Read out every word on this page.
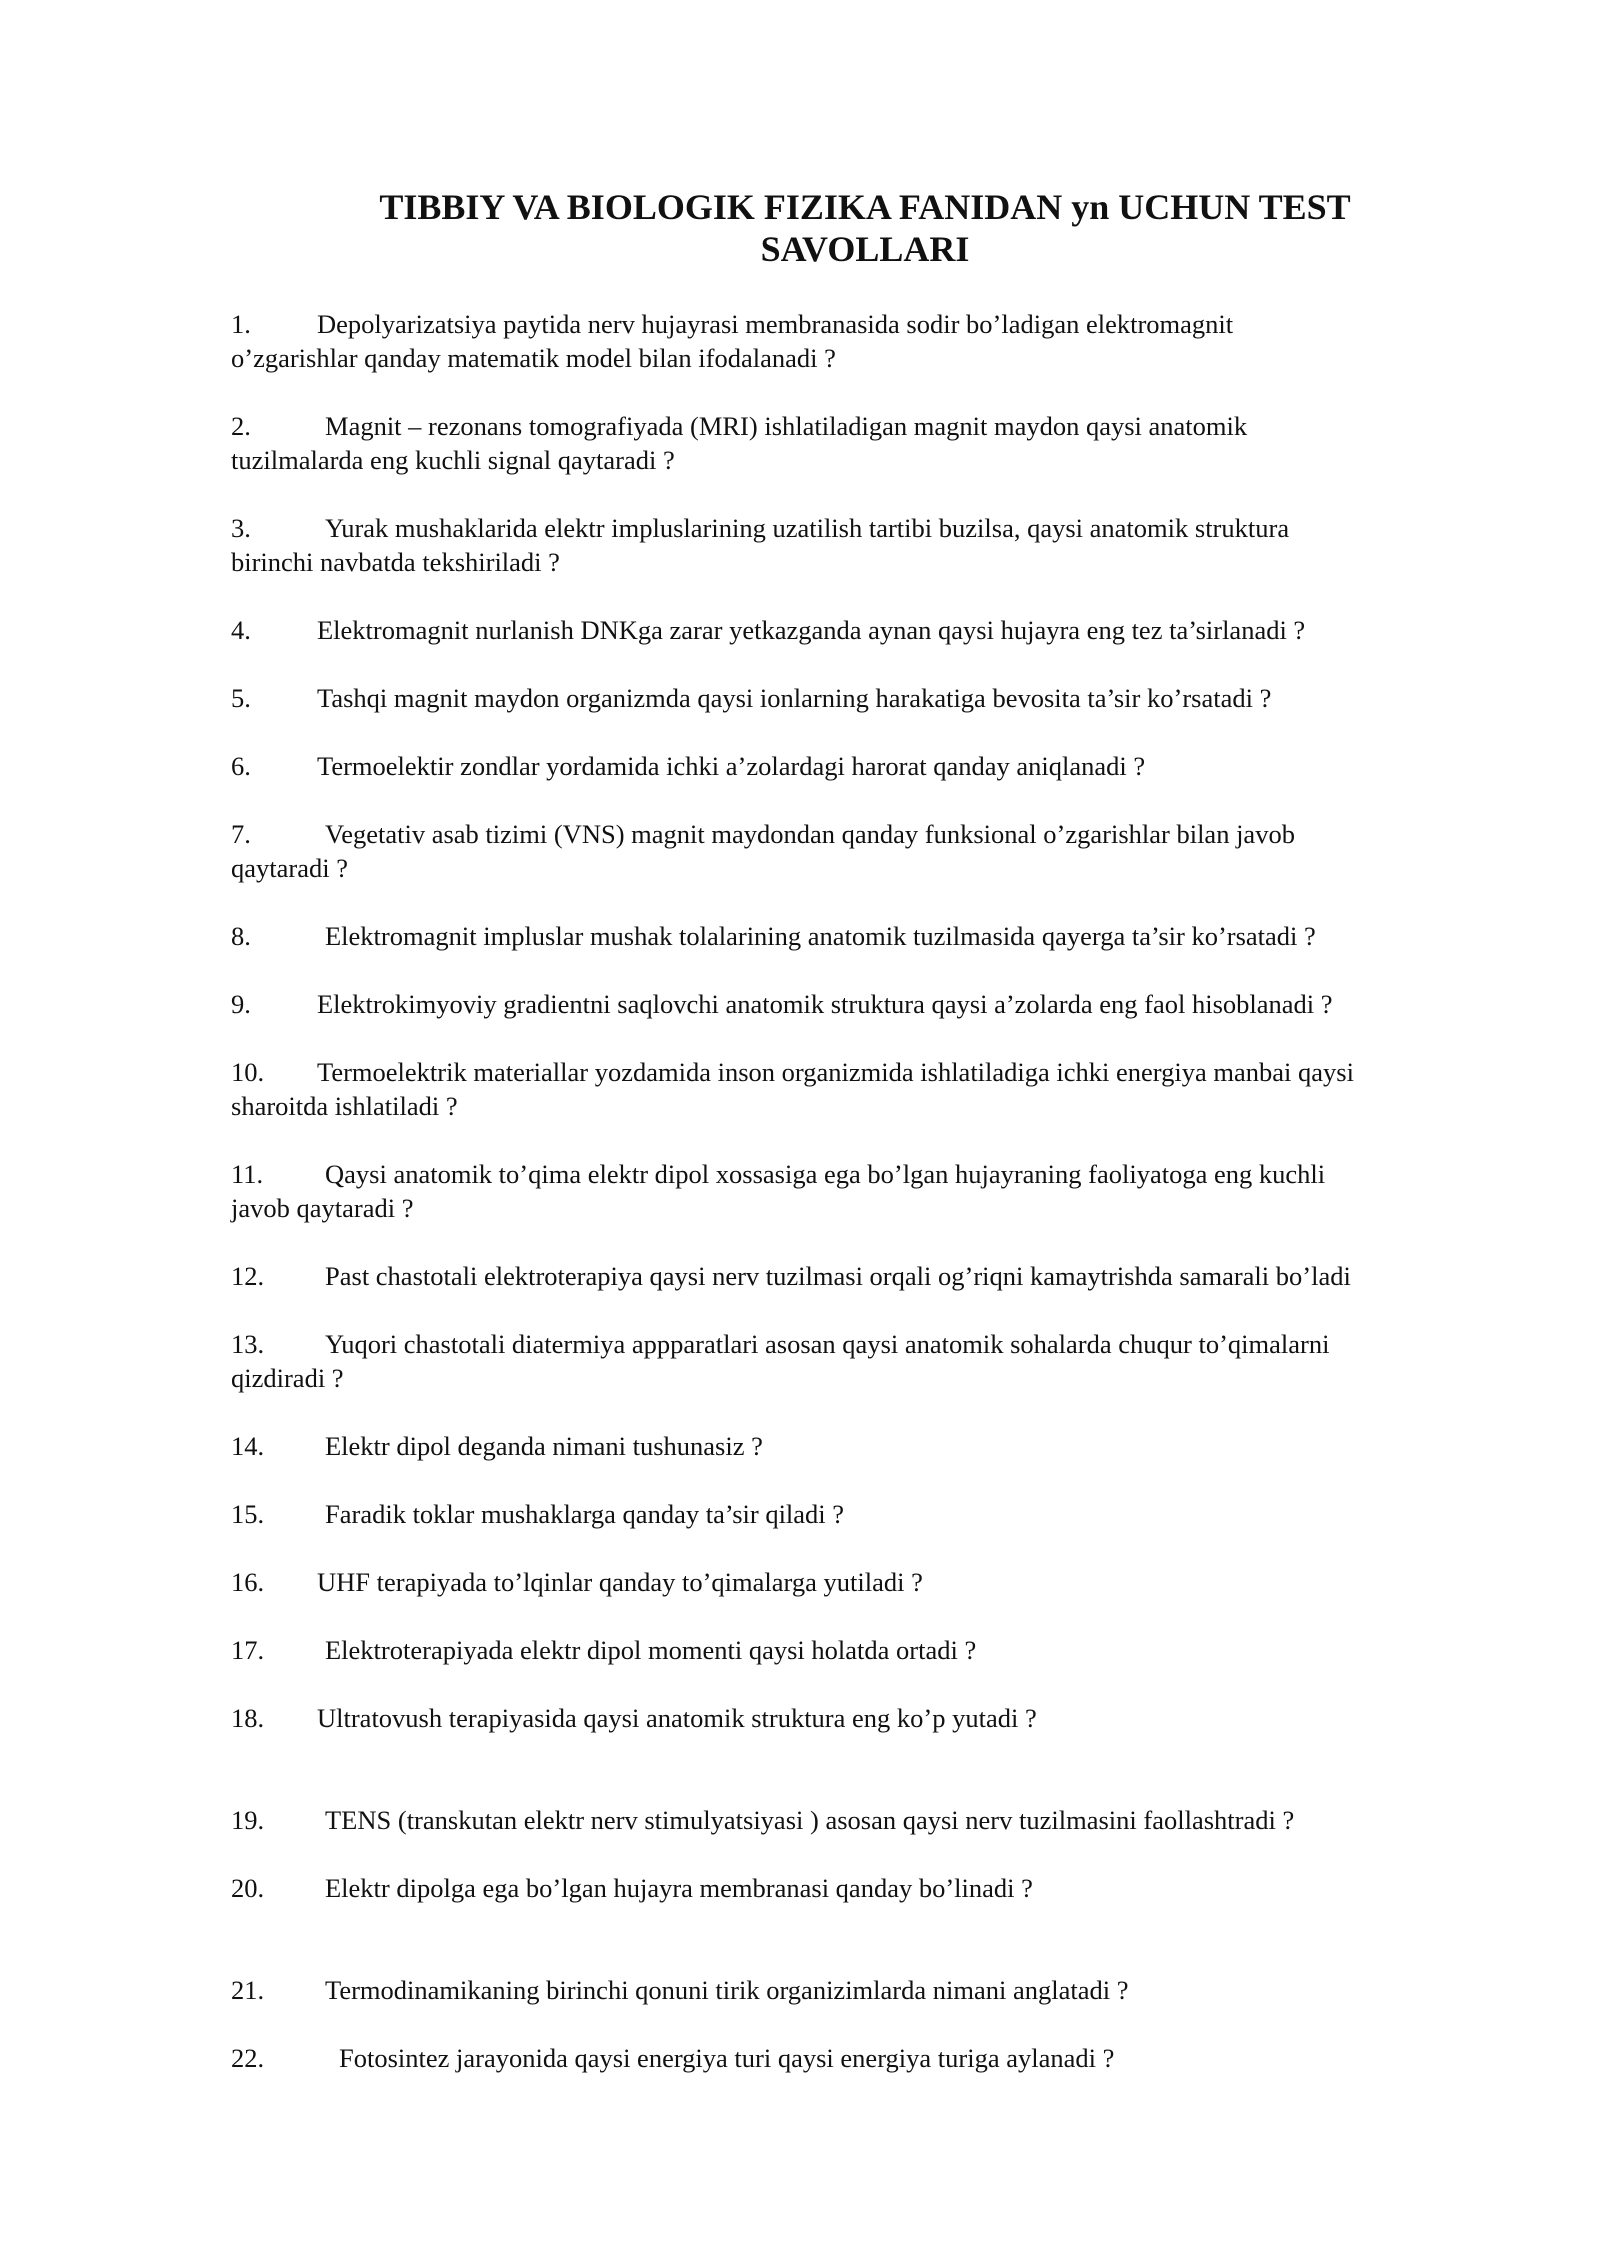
TIBBIY VA BIOLOGIK FIZIKA FANIDAN yn UCHUN TEST
SAVOLLARI

1. Depolyarizatsiya paytida nerv hujayrasi membranasida sodir bo’ladigan elektromagnit
o’zgarishlar qanday matematik model bilan ifodalanadi ?

2.	Magnit – rezonans tomografiyada (MRI) ishlatiladigan magnit maydon qaysi anatomik
tuzilmalarda eng kuchli signal qaytaradi ?

3.	Yurak mushaklarida elektr impluslarining uzatilish tartibi buzilsa, qaysi anatomik struktura
birinchi navbatda tekshiriladi ?

4. Elektromagnit nurlanish DNKga zarar yetkazganda aynan qaysi hujayra eng tez ta’sirlanadi ?

5. Tashqi magnit maydon organizmda qaysi ionlarning harakatiga bevosita ta’sir ko’rsatadi ?

6. Termoelektir zondlar yordamida ichki a’zolardagi harorat qanday aniqlanadi ?

7.	Vegetativ asab tizimi (VNS) magnit maydondan qanday funksional o’zgarishlar bilan javob
qaytaradi ?

8.	Elektromagnit impluslar mushak tolalarining anatomik tuzilmasida qayerga ta’sir ko’rsatadi ?

9. Elektrokimyoviy gradientni saqlovchi anatomik struktura qaysi a’zolarda eng faol hisoblanadi ?

10. Termoelektrik materiallar yozdamida inson organizmida ishlatiladiga ichki energiya manbai qaysi
sharoitda ishlatiladi ?

11. Qaysi anatomik to’qima elektr dipol xossasiga ega bo’lgan hujayraning faoliyatoga eng kuchli
javob qaytaradi ?

12. Past chastotali elektroterapiya qaysi nerv tuzilmasi orqali og’riqni kamaytrishda samarali bo’ladi

13. Yuqori chastotali diatermiya appparatlari asosan qaysi anatomik sohalarda chuqur to’qimalarni
qizdiradi ?

14. Elektr dipol deganda nimani tushunasiz ?

15. Faradik toklar mushaklarga qanday ta’sir qiladi ?

16. UHF terapiyada to’lqinlar qanday to’qimalarga yutiladi ?

17. Elektroterapiyada elektr dipol momenti qaysi holatda ortadi ?

18. Ultratovush terapiyasida qaysi anatomik struktura eng ko’p yutadi ?

19. TENS (transkutan elektr nerv stimulyatsiyasi ) asosan qaysi nerv tuzilmasini faollashtradi ?

20. Elektr dipolga ega bo’lgan hujayra membranasi qanday bo’linadi ?

21. Termodinamikaning birinchi qonuni tirik organizimlarda nimani anglatadi ?

22.	Fotosintez jarayonida qaysi energiya turi qaysi energiya turiga aylanadi ?
